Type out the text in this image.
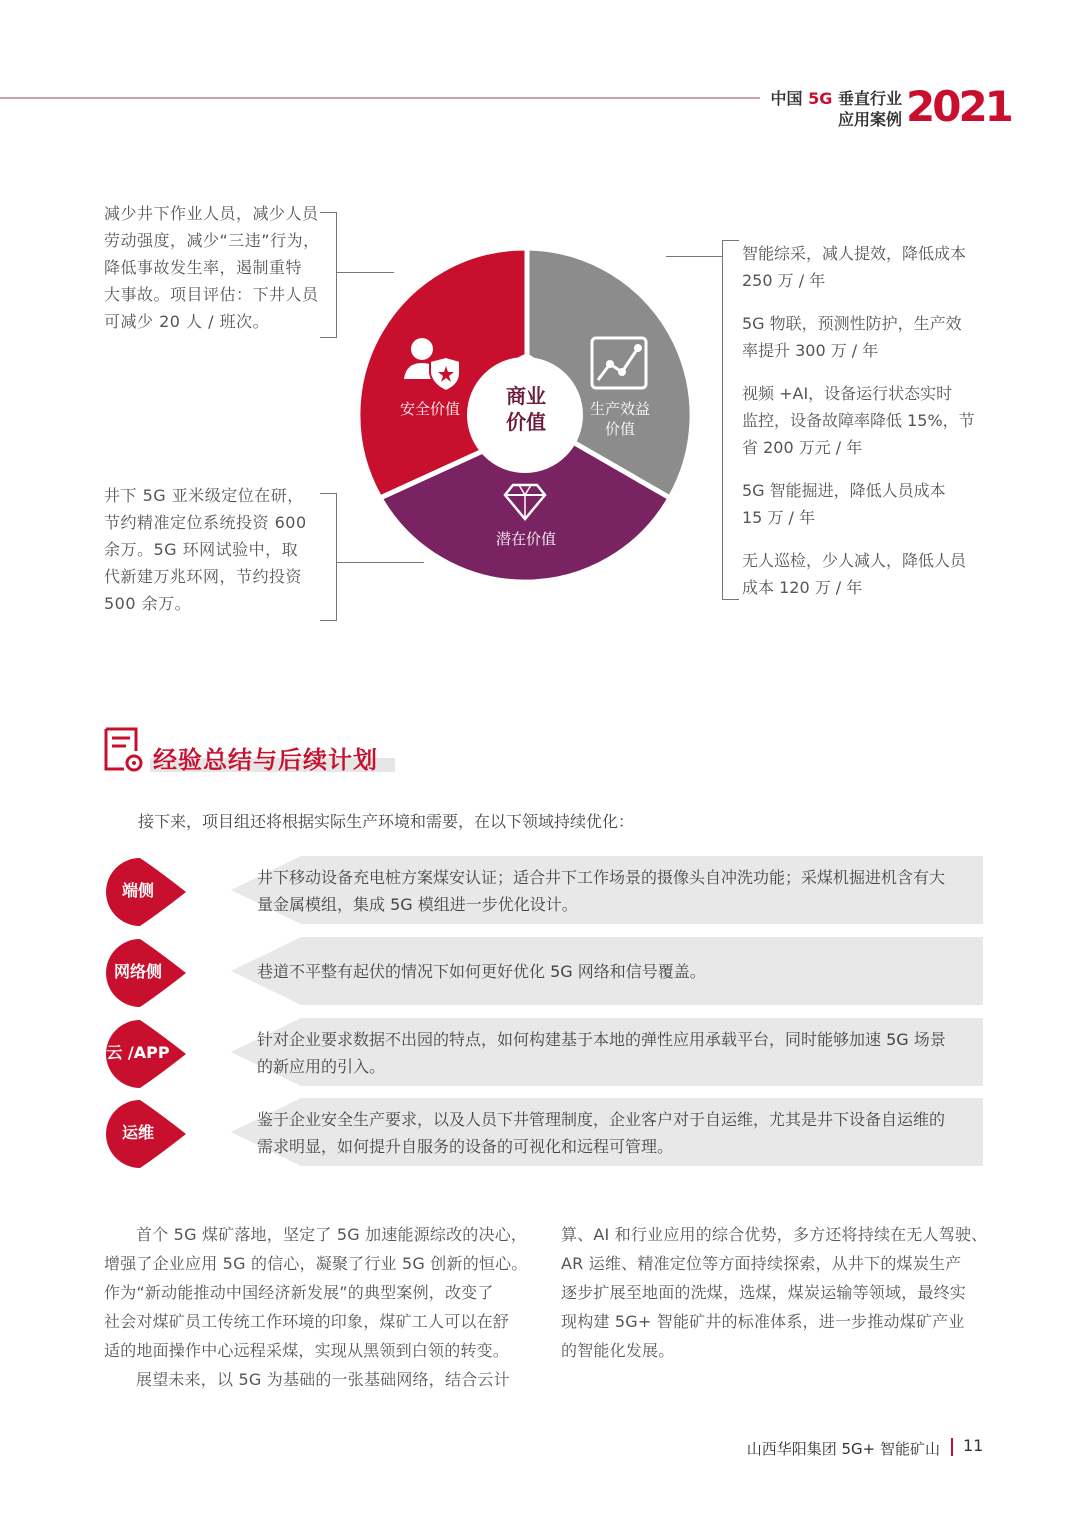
中国 5G 垂直行业
应用案例 2021
安全价值	生产效益
价值
潜在价值
商业
价值
减少井下作业人员，减少人员
劳动强度，减少“三违”行为，
降低事故发生率，遏制重特
大事故。项目评估：下井人员
可减少 20 人 / 班次。
井下 5G 亚米级定位在研，
节约精准定位系统投资 600
余万。5G 环网试验中，取
代新建万兆环网，节约投资
500 余万。
智能综采，减人提效，降低成本
250 万 / 年
5G 物联，预测性防护，生产效
率提升 300 万 / 年
视频 +AI，设备运行状态实时
监控，设备故障率降低 15%，节
省 200 万元 / 年
5G 智能掘进，降低人员成本
15 万 / 年
无人巡检，少人减人，降低人员
成本 120 万 / 年
经验总结与后续计划
接下来，项目组还将根据实际生产环境和需要，在以下领域持续优化：
端侧
井下移动设备充电桩方案煤安认证；适合井下工作场景的摄像头自冲洗功能；采煤机掘进机含有大
量金属模组，集成 5G 模组进一步优化设计。
网络侧	巷道不平整有起伏的情况下如何更好优化 5G 网络和信号覆盖。
云 /APP
针对企业要求数据不出园的特点，如何构建基于本地的弹性应用承载平台，同时能够加速 5G 场景
的新应用的引入。
运维
鉴于企业安全生产要求，以及人员下井管理制度，企业客户对于自运维，尤其是井下设备自运维的
需求明显，如何提升自服务的设备的可视化和远程可管理。
首个 5G 煤矿落地，坚定了 5G 加速能源综改的决心，
增强了企业应用 5G 的信心，凝聚了行业 5G 创新的恒心。
作为“新动能推动中国经济新发展”的典型案例，改变了
社会对煤矿员工传统工作环境的印象，煤矿工人可以在舒
适的地面操作中心远程采煤，实现从黑领到白领的转变。
展望未来，以 5G 为基础的一张基础网络，结合云计
算、AI 和行业应用的综合优势，多方还将持续在无人驾驶、
AR 运维、精准定位等方面持续探索，从井下的煤炭生产
逐步扩展至地面的洗煤，选煤，煤炭运输等领域，最终实
现构建 5G+ 智能矿井的标准体系，进一步推动煤矿产业
的智能化发展。
山西华阳集团 5G+ 智能矿山 11
